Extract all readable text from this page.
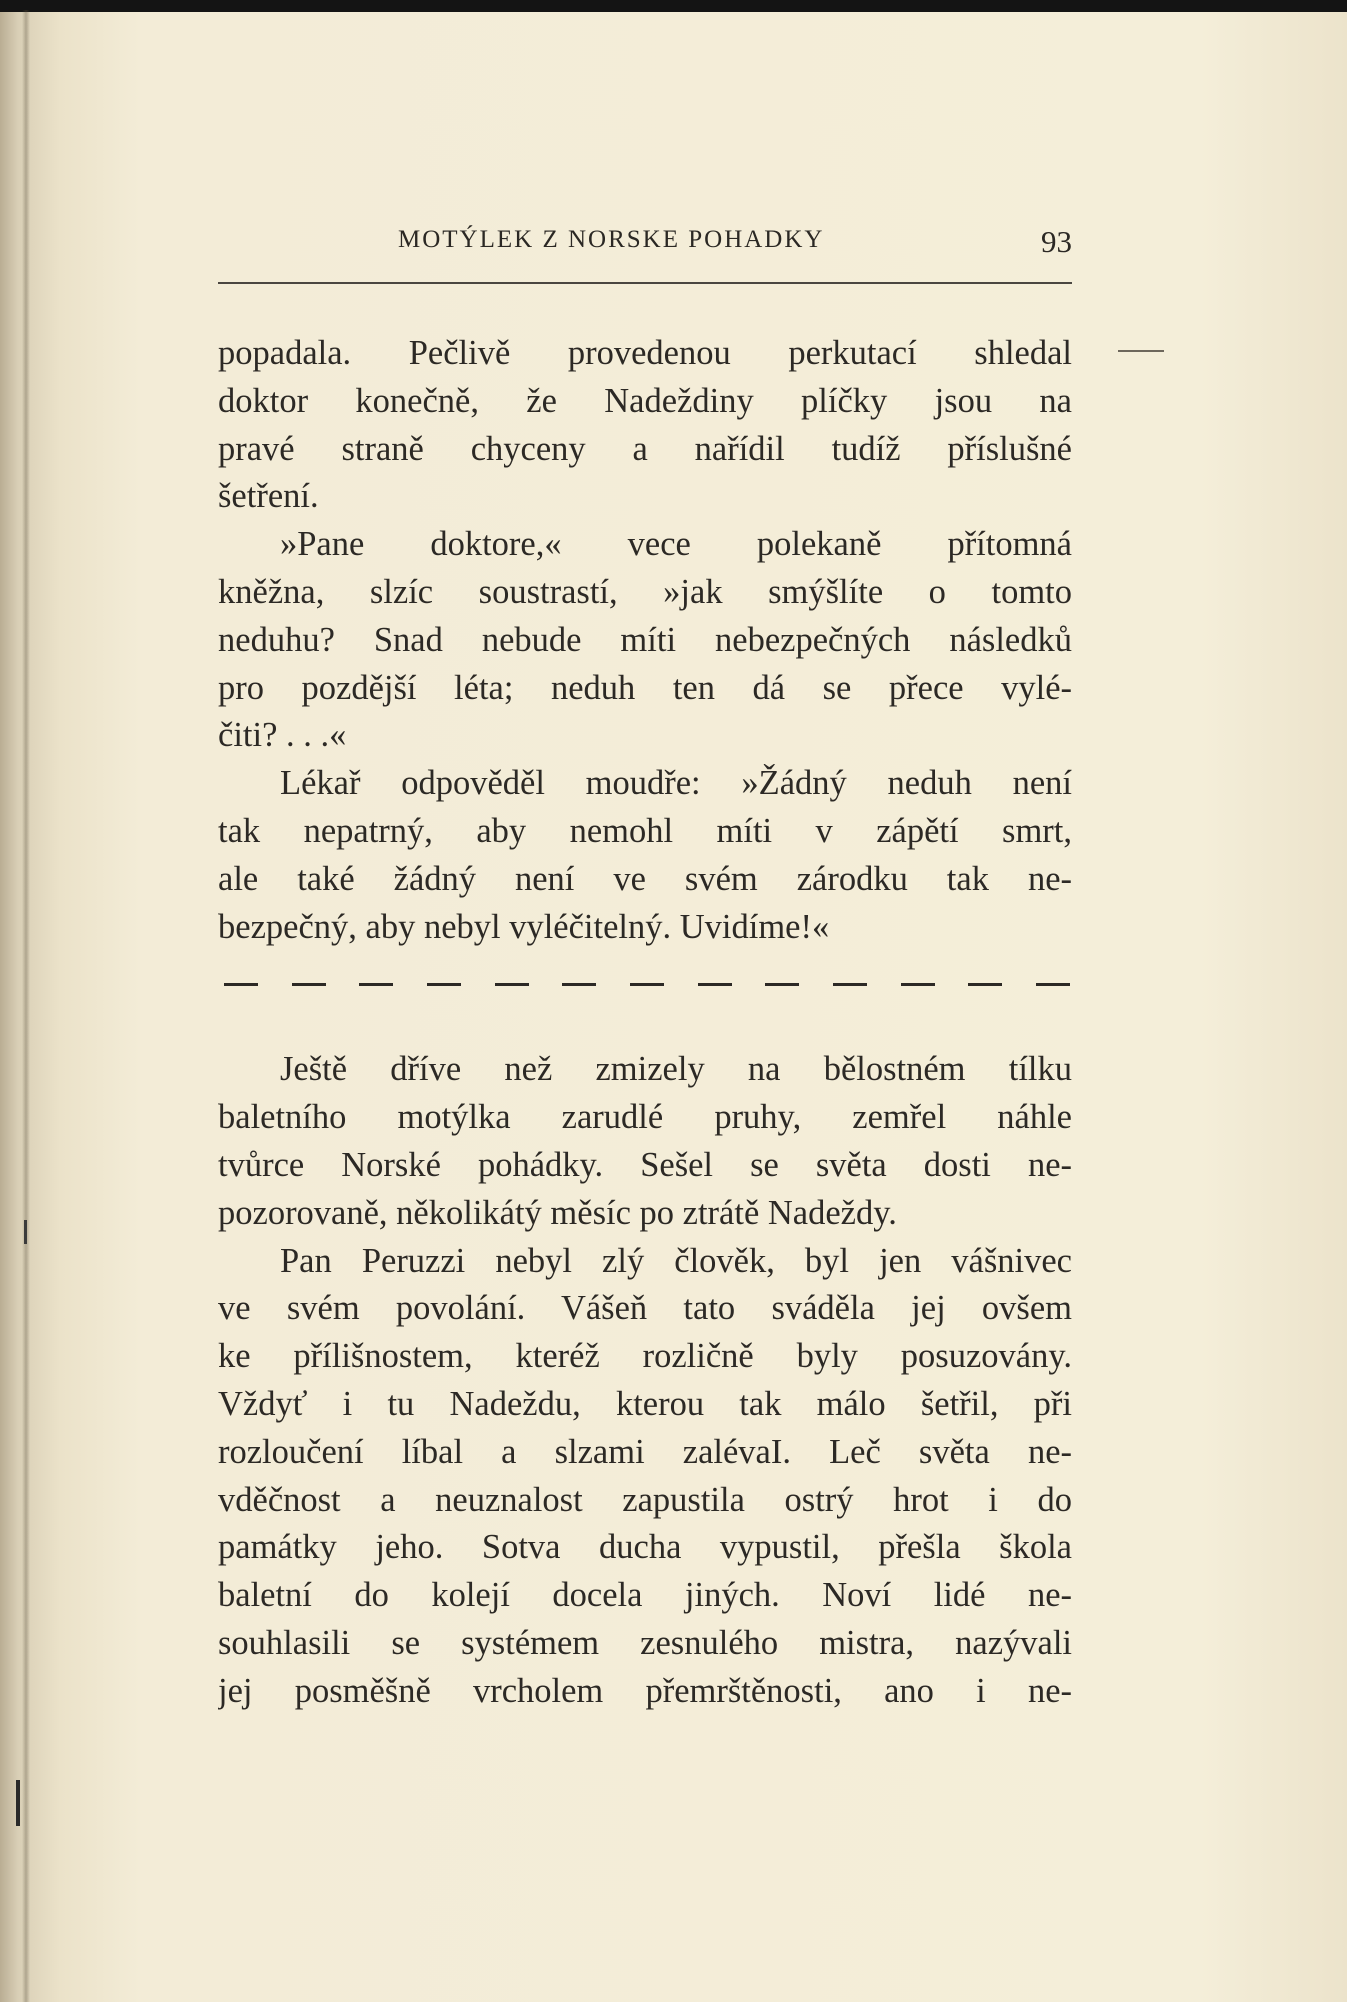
MOTÝLEK Z NORSKE POHADKY	93
popadala. Pečlivě provedenou perkutací shledal
doktor konečně, že Nadeždiny plíčky jsou na
pravé straně chyceny a nařídil tudíž příslušné
šetření.
»Pane doktore,« vece polekaně přítomná
kněžna, slzíc soustrastí, »jak smýšlíte o tomto
neduhu? Snad nebude míti nebezpečných následků
pro pozdější léta; neduh ten dá se přece vylé-
čiti? . . .«
Lékař odpověděl moudře: »Žádný neduh není
tak nepatrný, aby nemohl míti v zápětí smrt,
ale také žádný není ve svém zárodku tak ne-
bezpečný, aby nebyl vyléčitelný. Uvidíme!«
Ještě dříve než zmizely na bělostném tílku
baletního motýlka zarudlé pruhy, zemřel náhle
tvůrce Norské pohádky. Sešel se světa dosti ne-
pozorovaně, několikátý měsíc po ztrátě Nadeždy.
Pan Peruzzi nebyl zlý člověk, byl jen vášnivec
ve svém povolání. Vášeň tato sváděla jej ovšem
ke přílišnostem, kteréž rozličně byly posuzovány.
Vždyť i tu Nadeždu, kterou tak málo šetřil, při
rozloučení líbal a slzami zalévaI. Leč světa ne-
vděčnost a neuznalost zapustila ostrý hrot i do
památky jeho. Sotva ducha vypustil, přešla škola
baletní do kolejí docela jiných. Noví lidé ne-
souhlasili se systémem zesnulého mistra, nazývali
jej posměšně vrcholem přemrštěnosti, ano i ne-
